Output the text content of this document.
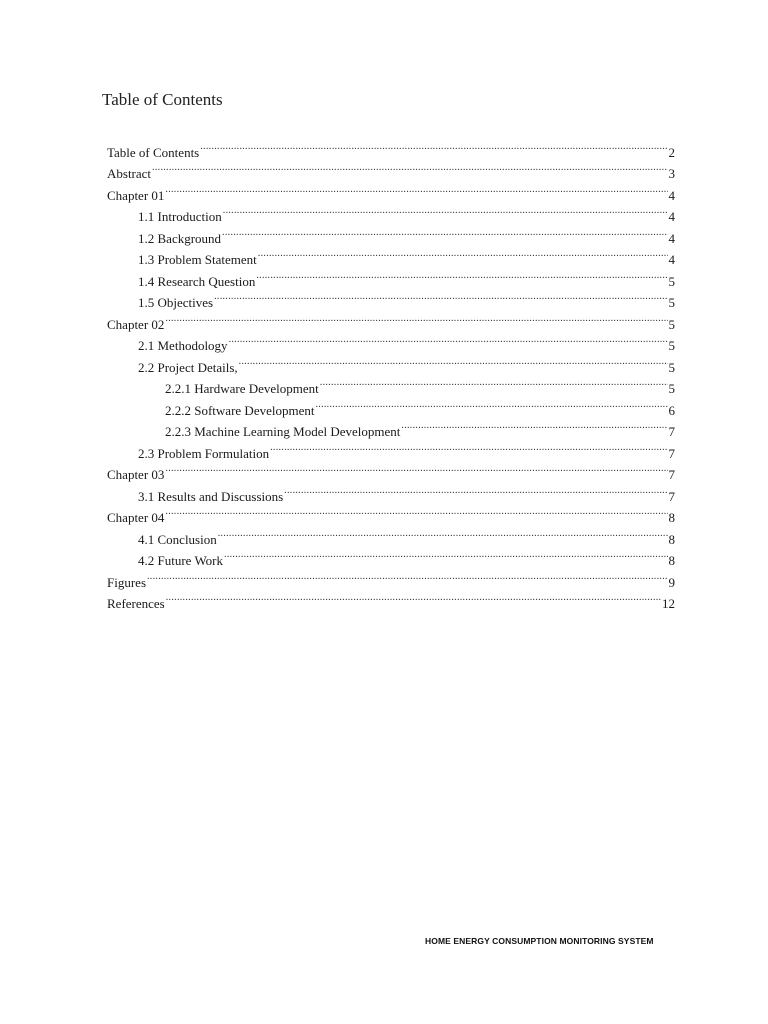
Table of Contents
Table of Contents .....	2
Abstract .....	3
Chapter 01 .....	4
1.1 Introduction .....	4
1.2 Background .....	4
1.3 Problem Statement .....	4
1.4 Research Question .....	5
1.5 Objectives .....	5
Chapter 02 .....	5
2.1 Methodology .....	5
2.2 Project Details, .....	5
2.2.1 Hardware Development .....	5
2.2.2 Software Development .....	6
2.2.3 Machine Learning Model Development .....	7
2.3 Problem Formulation .....	7
Chapter 03 .....	7
3.1 Results and Discussions .....	7
Chapter 04 .....	8
4.1 Conclusion .....	8
4.2 Future Work .....	8
Figures .....	9
References .....	12
HOME ENERGY CONSUMPTION MONITORING SYSTEM
